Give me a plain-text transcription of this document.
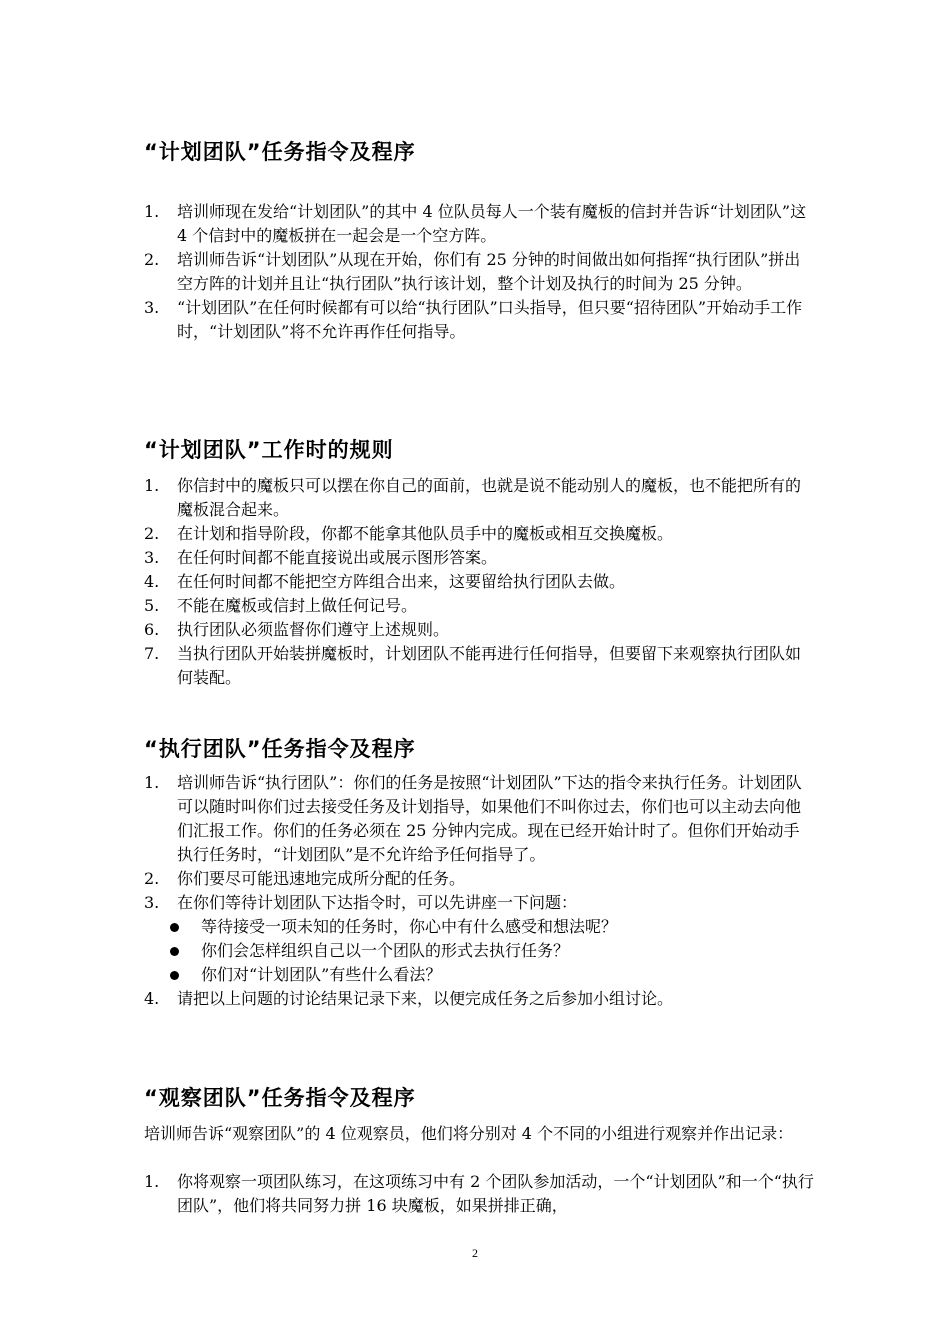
“计划团队”任务指令及程序
1.	培训师现在发给“计划团队”的其中 4 位队员每人一个装有魔板的信封并告诉“计划团队”这 4 个信封中的魔板拼在一起会是一个空方阵。
2.	培训师告诉“计划团队”从现在开始，你们有 25 分钟的时间做出如何指挥“执行团队”拼出空方阵的计划并且让“执行团队”执行该计划，整个计划及执行的时间为 25 分钟。
3.	“计划团队”在任何时候都有可以给“执行团队”口头指导，但只要“招待团队”开始动手工作时，“计划团队”将不允许再作任何指导。
“计划团队”工作时的规则
1.	你信封中的魔板只可以摆在你自己的面前，也就是说不能动别人的魔板，也不能把所有的魔板混合起来。
2.	在计划和指导阶段，你都不能拿其他队员手中的魔板或相互交换魔板。
3.	在任何时间都不能直接说出或展示图形答案。
4.	在任何时间都不能把空方阵组合出来，这要留给执行团队去做。
5.	不能在魔板或信封上做任何记号。
6.	执行团队必须监督你们遵守上述规则。
7.	当执行团队开始装拼魔板时，计划团队不能再进行任何指导，但要留下来观察执行团队如何装配。
“执行团队”任务指令及程序
1.	培训师告诉“执行团队”：你们的任务是按照“计划团队”下达的指令来执行任务。计划团队可以随时叫你们过去接受任务及计划指导，如果他们不叫你过去，你们也可以主动去向他们汇报工作。你们的任务必须在 25 分钟内完成。现在已经开始计时了。但你们开始动手执行任务时，“计划团队”是不允许给予任何指导了。
2.	你们要尽可能迅速地完成所分配的任务。
3.	在你们等待计划团队下达指令时，可以先讲座一下问题：
等待接受一项未知的任务时，你心中有什么感受和想法呢？
你们会怎样组织自己以一个团队的形式去执行任务？
你们对“计划团队”有些什么看法？
4.	请把以上问题的讨论结果记录下来，以便完成任务之后参加小组讨论。
“观察团队”任务指令及程序

培训师告诉“观察团队”的 4 位观察员，他们将分别对 4 个不同的小组进行观察并作出记录：

1.	你将观察一项团队练习，在这项练习中有 2 个团队参加活动，一个“计划团队”和一个“执行团队”，他们将共同努力拼 16 块魔板，如果拼排正确，
2
